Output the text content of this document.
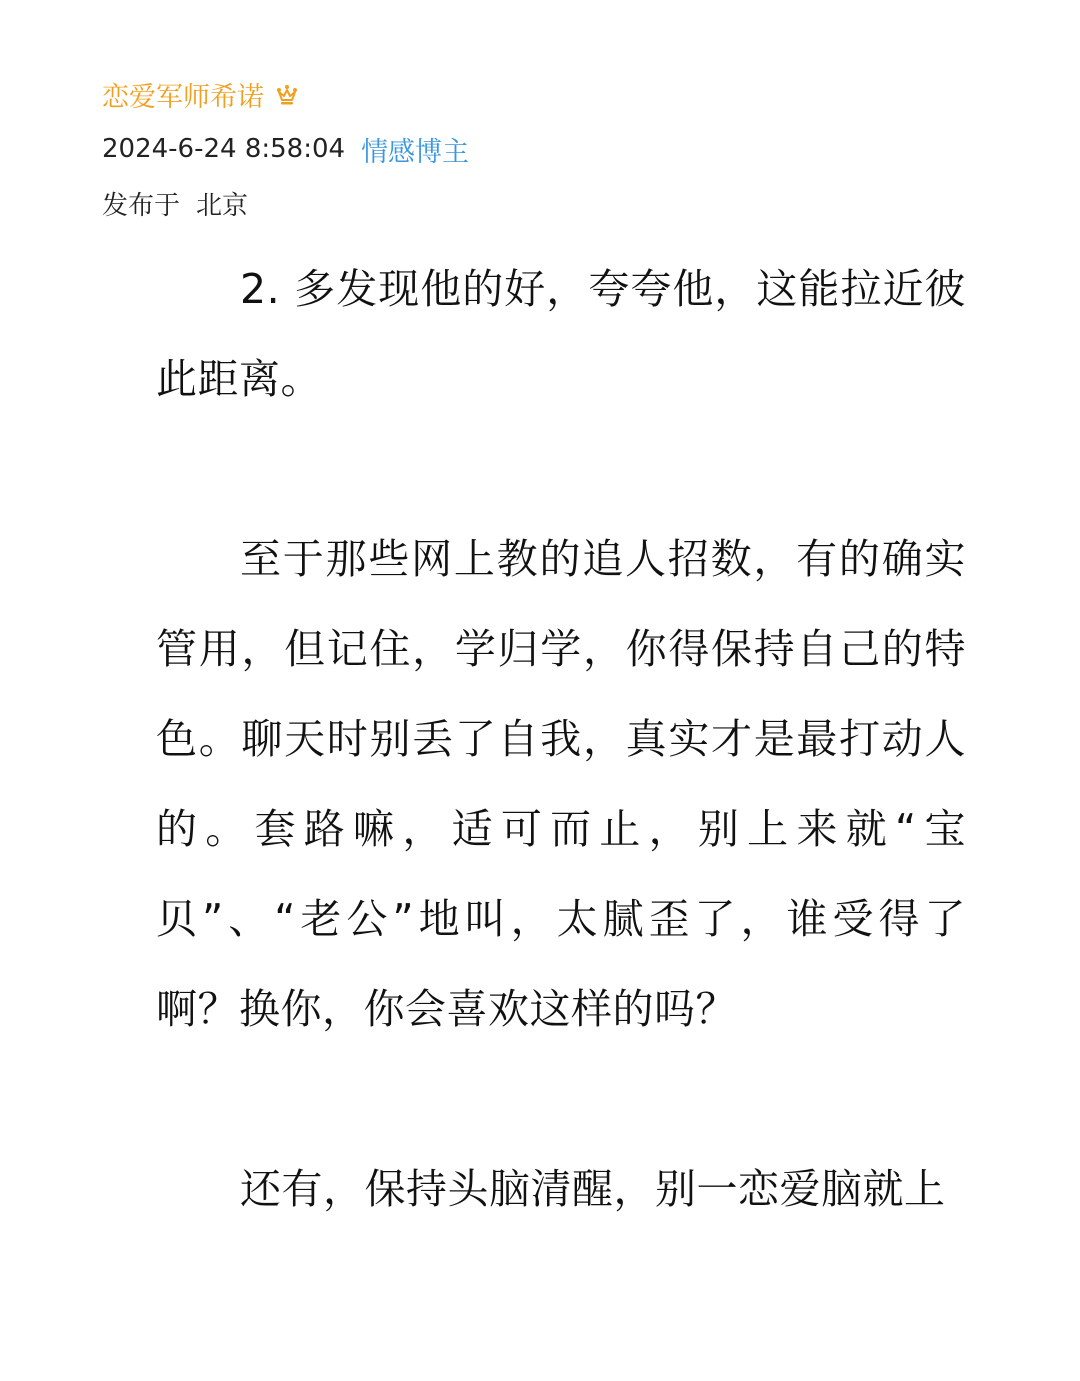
恋爱军师希诺
2024-6-24 8:58:04 情感博主
发布于 北京

2. 多发现他的好，夸夸他，这能拉近彼此距离。

至于那些网上教的追人招数，有的确实管用，但记住，学归学，你得保持自己的特色。聊天时别丢了自我，真实才是最打动人的。套路嘛，适可而止，别上来就“宝贝”、“老公”地叫，太腻歪了，谁受得了啊？换你，你会喜欢这样的吗？

还有，保持头脑清醒，别一恋爱脑就上
